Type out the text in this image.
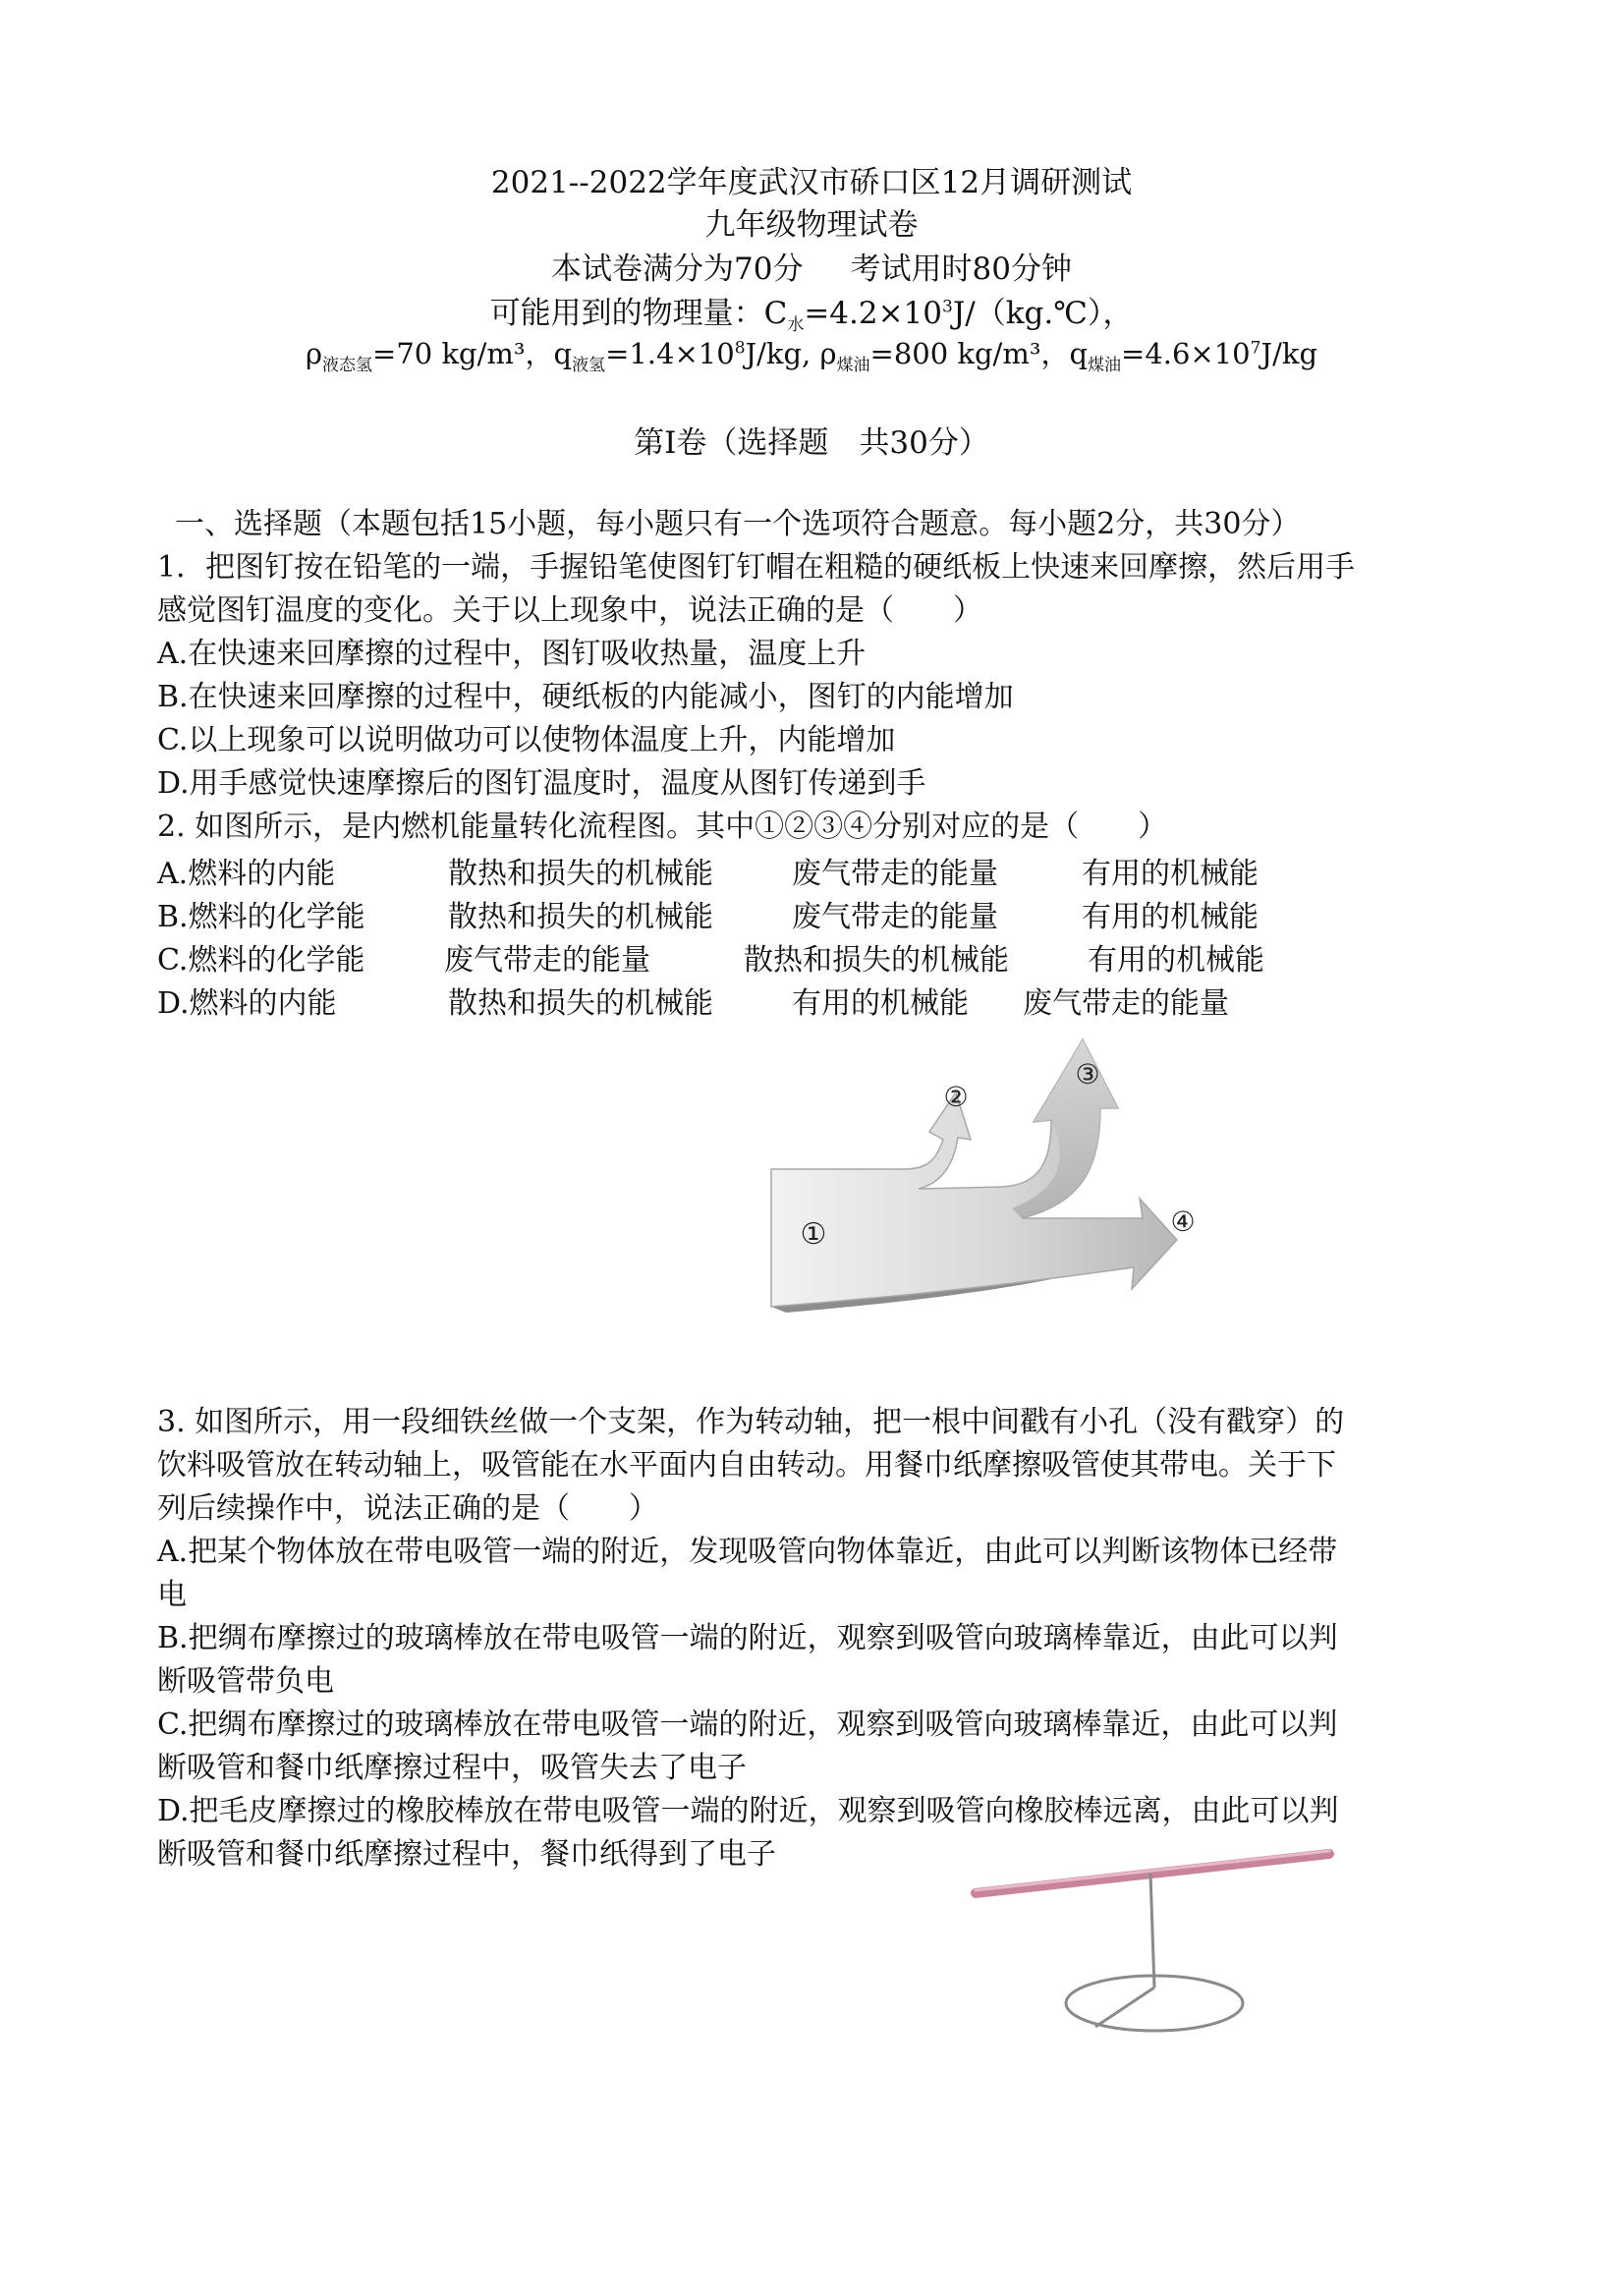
2021--2022学年度武汉市硚口区12月调研测试
九年级物理试卷
本试卷满分为70分 考试用时80分钟
可能用到的物理量：$C_水=4.2\times 10^3J/(kg.℃)$，
$\rho_{液态氢}=70$ kg/m³，$q_{液氢}=1.4\times 10^8J/kg$, $\rho_{煤油}=800$ kg/m³，$q_{煤油}=4.6\times 10^7J/kg$
第Ⅰ卷（选择题　共30分）
一、选择题（本题包括15小题，每小题只有一个选项符合题意。每小题2分，共30分）
1．把图钉按在铅笔的一端，手握铅笔使图钉钉帽在粗糙的硬纸板上快速来回摩擦，然后用手
感觉图钉温度的变化。关于以上现象中，说法正确的是（　　）
A.在快速来回摩擦的过程中，图钉吸收热量，温度上升
B.在快速来回摩擦的过程中，硬纸板的内能减小，图钉的内能增加
C.以上现象可以说明做功可以使物体温度上升，内能增加
D.用手感觉快速摩擦后的图钉温度时，温度从图钉传递到手
2. 如图所示，是内燃机能量转化流程图。其中①②③④分别对应的是（　　）
A.燃料的内能	散热和损失的机械能	废气带走的能量	有用的机械能
B.燃料的化学能	散热和损失的机械能	废气带走的能量	有用的机械能
C.燃料的化学能	废气带走的能量	散热和损失的机械能	有用的机械能
D.燃料的内能	散热和损失的机械能	有用的机械能 废气带走的能量
①
②
③
④
3. 如图所示，用一段细铁丝做一个支架，作为转动轴，把一根中间戳有小孔（没有戳穿）的
饮料吸管放在转动轴上，吸管能在水平面内自由转动。用餐巾纸摩擦吸管使其带电。关于下
列后续操作中，说法正确的是（　　）
A.把某个物体放在带电吸管一端的附近，发现吸管向物体靠近，由此可以判断该物体已经带
电
B.把绸布摩擦过的玻璃棒放在带电吸管一端的附近，观察到吸管向玻璃棒靠近，由此可以判
断吸管带负电
C.把绸布摩擦过的玻璃棒放在带电吸管一端的附近，观察到吸管向玻璃棒靠近，由此可以判
断吸管和餐巾纸摩擦过程中，吸管失去了电子
D.把毛皮摩擦过的橡胶棒放在带电吸管一端的附近，观察到吸管向橡胶棒远离，由此可以判
断吸管和餐巾纸摩擦过程中，餐巾纸得到了电子
